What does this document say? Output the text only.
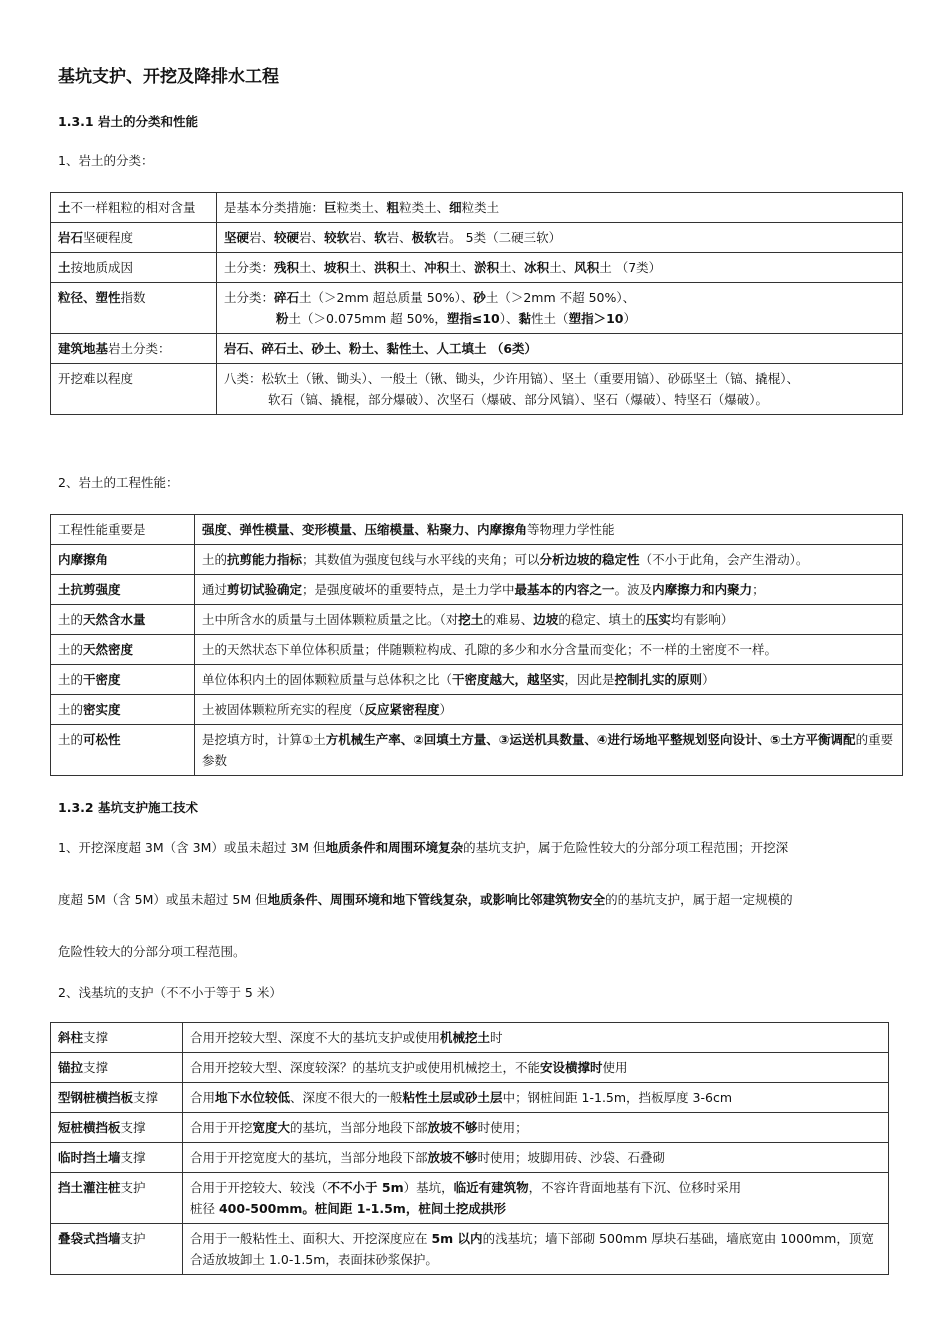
基坑支护、开挖及降排水工程
1.3.1 岩土的分类和性能
1、岩土的分类：
土不一样粗粒的相对含量	是基本分类措施：巨粒类土、粗粒类土、细粒类土
岩石坚硬程度	坚硬岩、较硬岩、较软岩、软岩、极软岩。 5类（二硬三软）
土按地质成因	土分类：残积土、坡积土、洪积土、冲积土、淤积土、冰积土、风积土 （7类）
粒径、塑性指数	土分类：碎石土（＞2mm 超总质量 50%）、砂土（＞2mm 不超 50%）、
粉土（＞0.075mm 超 50%，塑指≤10）、黏性土（塑指＞10）

建筑地基岩土分类：	岩石、碎石土、砂土、粉土、黏性土、人工填土 （6类）
开挖难以程度	八类：松软土（锹、锄头）、一般土（锹、锄头，少许用镐）、坚土（重要用镐）、砂砾坚土（镐、撬棍）、
软石（镐、撬棍，部分爆破）、次坚石（爆破、部分风镐）、坚石（爆破）、特坚石（爆破）。
2、岩土的工程性能：
工程性能重要是	强度、弹性模量、变形模量、压缩模量、粘聚力、内摩擦角等物理力学性能
内摩擦角	土的抗剪能力指标；其数值为强度包线与水平线的夹角；可以分析边坡的稳定性（不小于此角，会产生滑动）。
土抗剪强度	通过剪切试验确定；是强度破坏的重要特点，是土力学中最基本的内容之一。波及内摩擦力和内聚力；
土的天然含水量	土中所含水的质量与土固体颗粒质量之比。（对挖土的难易、边坡的稳定、填土的压实均有影响）
土的天然密度	土的天然状态下单位体积质量；伴随颗粒构成、孔隙的多少和水分含量而变化；不一样的土密度不一样。
土的干密度	单位体积内土的固体颗粒质量与总体积之比（干密度越大，越坚实，因此是控制扎实的原则）
土的密实度	土被固体颗粒所充实的程度（反应紧密程度）
土的可松性	是挖填方时，计算①土方机械生产率、②回填土方量、③运送机具数量、④进行场地平整规划竖向设计、⑤土方平衡调配的重要参数
1.3.2 基坑支护施工技术
1、开挖深度超 3M（含 3M）或虽未超过 3M 但地质条件和周围环境复杂的基坑支护，属于危险性较大的分部分项工程范围；开挖深
度超 5M（含 5M）或虽未超过 5M 但地质条件、周围环境和地下管线复杂，或影响比邻建筑物安全的的基坑支护，属于超一定规模的
危险性较大的分部分项工程范围。
2、浅基坑的支护（不不小于等于 5 米）
斜柱支撑	合用开挖较大型、深度不大的基坑支护或使用机械挖土时
锚拉支撑	合用开挖较大型、深度较深？的基坑支护或使用机械挖土，不能安设横撑时使用
型钢桩横挡板支撑	合用地下水位较低、深度不很大的一般粘性土层或砂土层中；钢桩间距 1-1.5m，挡板厚度 3-6cm
短桩横挡板支撑	合用于开挖宽度大的基坑，当部分地段下部放坡不够时使用；
临时挡土墙支撑	合用于开挖宽度大的基坑，当部分地段下部放坡不够时使用；坡脚用砖、沙袋、石叠砌
挡土灌注桩支护	合用于开挖较大、较浅（不不小于 5m）基坑，临近有建筑物，不容许背面地基有下沉、位移时采用
桩径 400-500mm。桩间距 1-1.5m，桩间土挖成拱形
叠袋式挡墙支护	合用于一般粘性土、面积大、开挖深度应在 5m 以内的浅基坑；墙下部砌 500mm 厚块石基础，墙底宽由 1000mm，顶宽合适放坡卸土 1.0-1.5m，表面抹砂浆保护。
